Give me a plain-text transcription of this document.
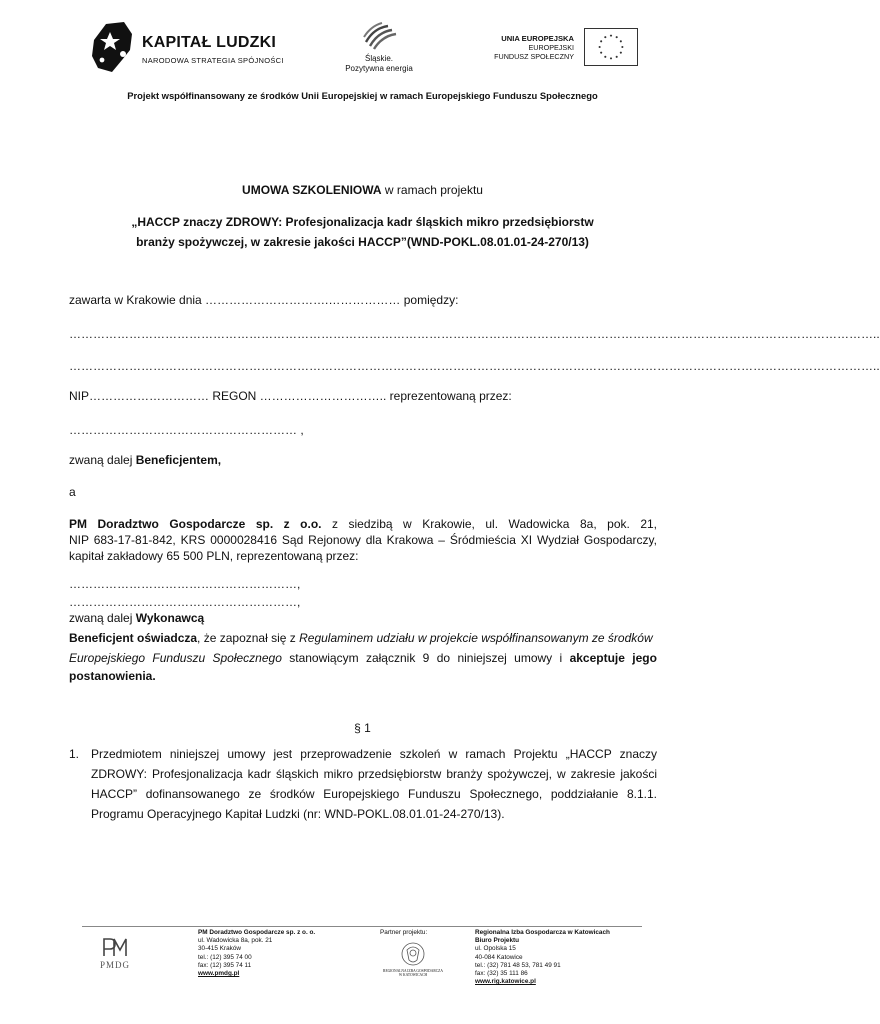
KAPITAŁ LUDZKI
NARODOWA STRATEGIA SPÓJNOŚCI	Śląskie.
Pozytywna energia
UNIA EUROPEJSKA
EUROPEJSKI
FUNDUSZ SPOŁECZNY
Projekt współfinansowany ze środków Unii Europejskiej w ramach Europejskiego Funduszu Społecznego
UMOWA SZKOLENIOWA w ramach projektu
„HACCP znaczy ZDROWY: Profesjonalizacja kadr śląskich mikro przedsiębiorstw
branży spożywczej, w zakresie jakości HACCP”(WND-POKL.08.01.01-24-270/13)
zawarta w Krakowie dnia ………………………….……………… pomiędzy:
…………………………………………………………………………………………………………………………………………………………………………………..
…………………………………………………………………………………………………………………………………………………………………………………..
NIP………………………… REGON ………………………….. reprezentowaną przez:
………………………………………………… ,
zwaną dalej Beneficjentem,
a
PM Doradztwo Gospodarcze sp. z o.o. z siedzibą w Krakowie, ul. Wadowicka 8a, pok. 21,
NIP 683-17-81-842, KRS 0000028416 Sąd Rejonowy dla Krakowa – Śródmieścia XI Wydział Gospodarczy,
kapitał zakładowy 65 500 PLN, reprezentowaną przez:
…………………………………………………,
…………………………………………………,
zwaną dalej Wykonawcą
Beneficjent oświadcza, że zapoznał się z Regulaminem udziału w projekcie współfinansowanym ze środków
Europejskiego Funduszu Społecznego stanowiącym załącznik 9 do niniejszej umowy i akceptuje jego
postanowienia.
§ 1
1. Przedmiotem niniejszej umowy jest przeprowadzenie szkoleń w ramach Projektu „HACCP znaczy
ZDROWY: Profesjonalizacja kadr śląskich mikro przedsiębiorstw branży spożywczej, w zakresie jakości
HACCP” dofinansowanego ze środków Europejskiego Funduszu Społecznego, poddziałanie 8.1.1.
Programu Operacyjnego Kapitał Ludzki (nr: WND-POKL.08.01.01-24-270/13).
PMDG
PM Doradztwo Gospodarcze sp. z o. o.
ul. Wadowicka 8a, pok. 21
30-415 Kraków
tel.: (12) 395 74 00
fax: (12) 395 74 11
www.pmdg.pl
Partner projektu:
REGIONALNA IZBA GOSPODARCZA
W KATOWICACH
Regionalna Izba Gospodarcza w Katowicach
Biuro Projektu
ul. Opolska 15
40-084 Katowice
tel.: (32) 781 48 53, 781 49 91
fax: (32) 35 111 86
www.rig.katowice.pl
